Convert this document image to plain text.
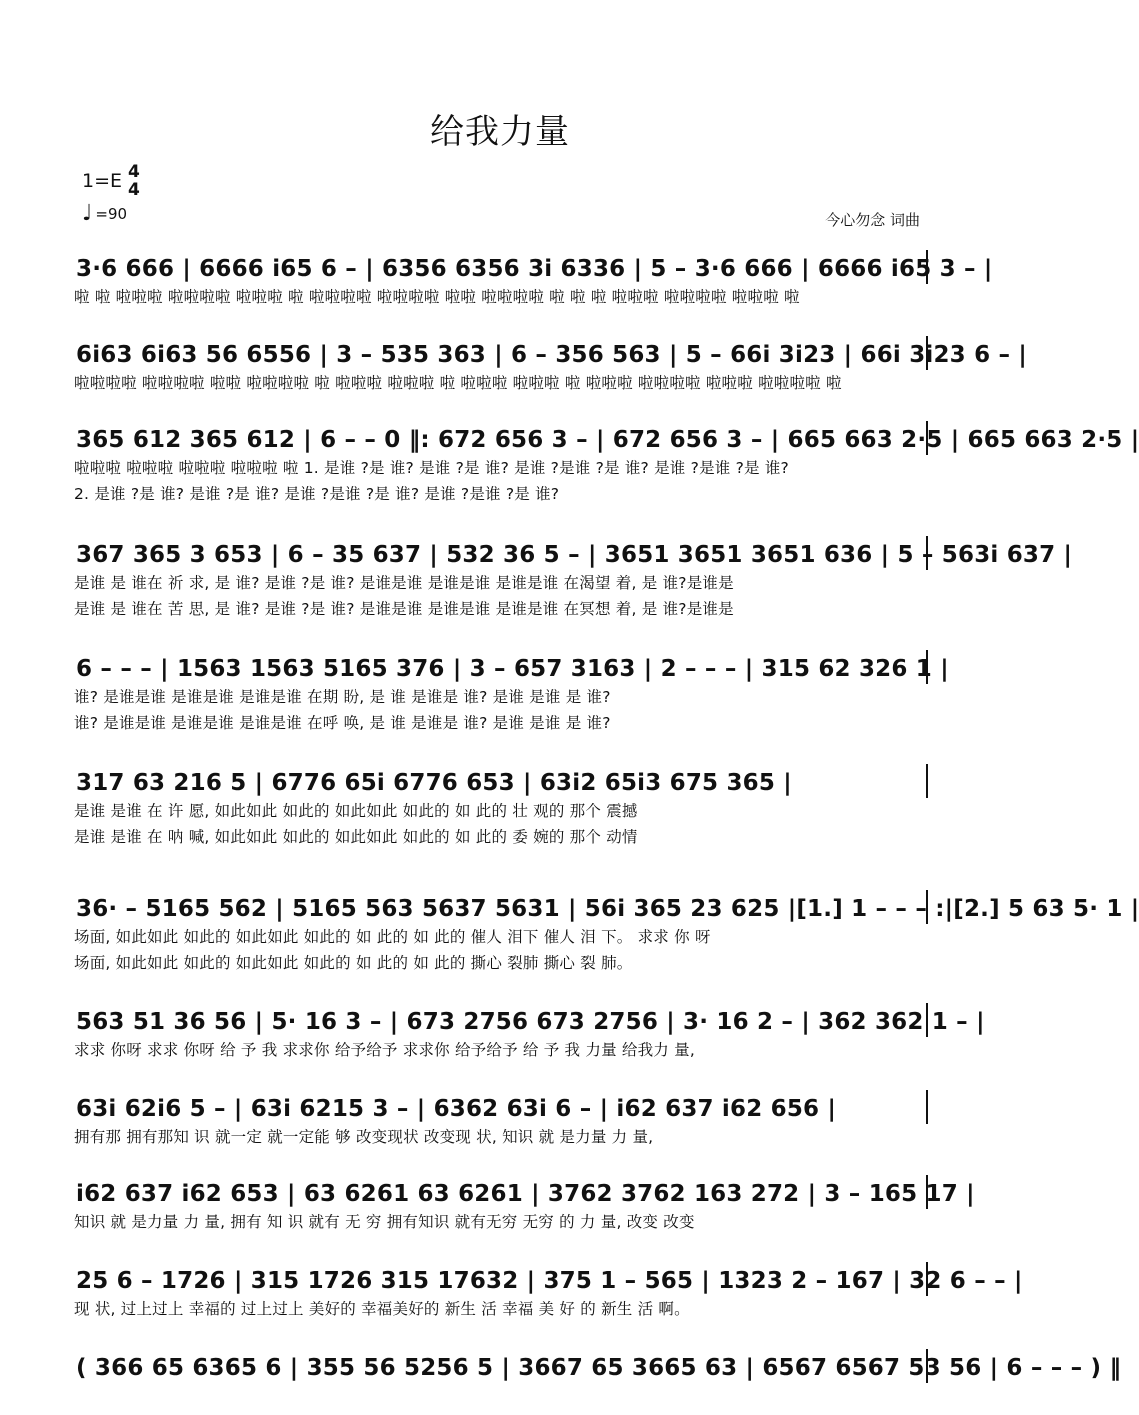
给我力量
1=E 4
4
♩ =90	今心勿念 词曲
3·6 666 | 6666 i65 6 – | 6356 6356 3i 6336 | 5 – 3·6 666 | 6666 i65 3 – |
啦 啦 啦啦啦 啦啦啦啦 啦啦啦 啦 啦啦啦啦 啦啦啦啦 啦啦 啦啦啦啦 啦 啦 啦 啦啦啦 啦啦啦啦 啦啦啦 啦
6i63 6i63 56 6556 | 3 – 535 363 | 6 – 356 563 | 5 – 66i 3i23 | 66i 3i23 6 – |
啦啦啦啦 啦啦啦啦 啦啦 啦啦啦啦 啦 啦啦啦 啦啦啦 啦 啦啦啦 啦啦啦 啦 啦啦啦 啦啦啦啦 啦啦啦 啦啦啦啦 啦
365 612 365 612 | 6 – – 0 ‖: 672 656 3 – | 672 656 3 – | 665 663 2·5 | 665 663 2·5 |
啦啦啦 啦啦啦 啦啦啦 啦啦啦 啦 1. 是谁 ?是 谁? 是谁 ?是 谁? 是谁 ?是谁 ?是 谁? 是谁 ?是谁 ?是 谁?
2. 是谁 ?是 谁? 是谁 ?是 谁? 是谁 ?是谁 ?是 谁? 是谁 ?是谁 ?是 谁?
367 365 3 653 | 6 – 35 637 | 532 36 5 – | 3651 3651 3651 636 | 5 – 563i 637 |
是谁 是 谁在 祈 求, 是 谁? 是谁 ?是 谁? 是谁是谁 是谁是谁 是谁是谁 在渴望 着, 是 谁?是谁是
是谁 是 谁在 苦 思, 是 谁? 是谁 ?是 谁? 是谁是谁 是谁是谁 是谁是谁 在冥想 着, 是 谁?是谁是
6 – – – | 1563 1563 5165 376 | 3 – 657 3163 | 2 – – – | 315 62 326 1 |
谁? 是谁是谁 是谁是谁 是谁是谁 在期 盼, 是 谁 是谁是 谁? 是谁 是谁 是 谁?
谁? 是谁是谁 是谁是谁 是谁是谁 在呼 唤, 是 谁 是谁是 谁? 是谁 是谁 是 谁?
317 63 216 5 | 6776 65i 6776 653 | 63i2 65i3 675 365 |
是谁 是谁 在 许 愿, 如此如此 如此的 如此如此 如此的 如 此的 壮 观的 那个 震撼
是谁 是谁 在 呐 喊, 如此如此 如此的 如此如此 如此的 如 此的 委 婉的 那个 动情
36· – 5165 562 | 5165 563 5637 5631 | 56i 365 23 625 |[1.] 1 – – – :|[2.] 5 63 5· 1 |
场面, 如此如此 如此的 如此如此 如此的 如 此的 如 此的 催人 泪下 催人 泪 下。 求求 你 呀
场面, 如此如此 如此的 如此如此 如此的 如 此的 如 此的 撕心 裂肺 撕心 裂 肺。
563 51 36 56 | 5· 16 3 – | 673 2756 673 2756 | 3· 16 2 – | 362 362 1 – |
求求 你呀 求求 你呀 给 予 我 求求你 给予给予 求求你 给予给予 给 予 我 力量 给我力 量,
63i 62i6 5 – | 63i 6215 3 – | 6362 63i 6 – | i62 637 i62 656 |
拥有那 拥有那知 识 就一定 就一定能 够 改变现状 改变现 状, 知识 就 是力量 力 量,
i62 637 i62 653 | 63 6261 63 6261 | 3762 3762 163 272 | 3 – 165 17 |
知识 就 是力量 力 量, 拥有 知 识 就有 无 穷 拥有知识 就有无穷 无穷 的 力 量, 改变 改变
25 6 – 1726 | 315 1726 315 17632 | 375 1 – 565 | 1323 2 – 167 | 32 6 – – |
现 状, 过上过上 幸福的 过上过上 美好的 幸福美好的 新生 活 幸福 美 好 的 新生 活 啊。
( 366 65 6365 6 | 355 56 5256 5 | 3667 65 3665 63 | 6567 6567 53 56 | 6 – – – ) ‖
